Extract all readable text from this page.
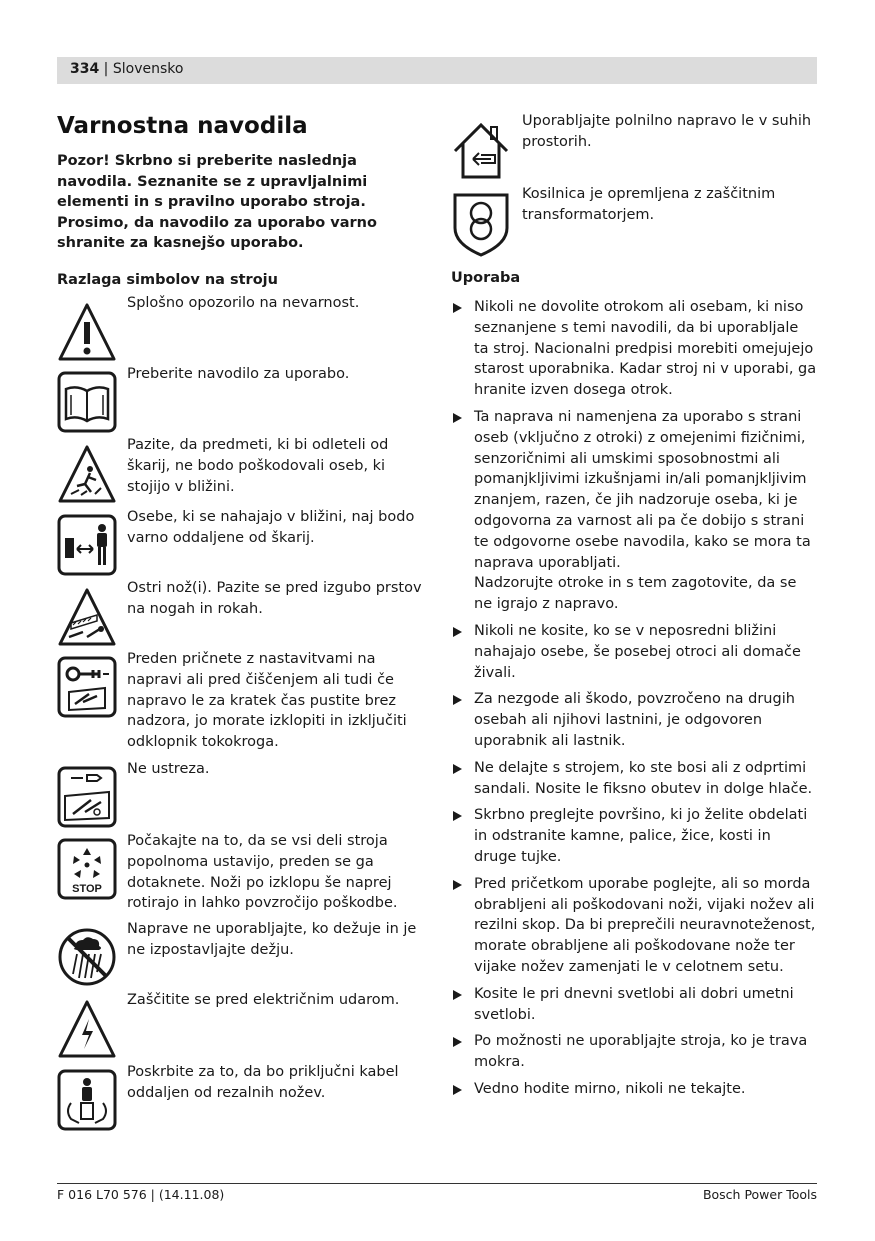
334 | Slovensko
Varnostna navodila
Pozor! Skrbno si preberite naslednja navodila. Seznanite se z upravljalnimi elementi in s pravilno uporabo stroja. Prosimo, da navodilo za uporabo varno shranite za kasnejšo uporabo.
Razlaga simbolov na stroju
Splošno opozorilo na nevarnost.
Preberite navodilo za uporabo.
Pazite, da predmeti, ki bi odleteli od škarij, ne bodo poškodovali oseb, ki stojijo v bližini.
Osebe, ki se nahajajo v bližini, naj bodo varno oddaljene od škarij.
Ostri nož(i). Pazite se pred izgubo prstov na nogah in rokah.
Preden pričnete z nastavitvami na napravi ali pred čiščenjem ali tudi če napravo le za kratek čas pustite brez nadzora, jo morate izklopiti in izključiti odklopnik tokokroga.
Ne ustreza.
STOP
Počakajte na to, da se vsi deli stroja popolnoma ustavijo, preden se ga dotaknete. Noži po izklopu še naprej rotirajo in lahko povzročijo poškodbe.
Naprave ne uporabljajte, ko dežuje in je ne izpostavljajte dežju.
Zaščitite se pred električnim udarom.
Poskrbite za to, da bo priključni kabel oddaljen od rezalnih nožev.
Uporabljajte polnilno napravo le v suhih prostorih.
Kosilnica je opremljena z zaščitnim transformatorjem.
Uporaba
Nikoli ne dovolite otrokom ali osebam, ki niso seznanjene s temi navodili, da bi uporabljale ta stroj. Nacionalni predpisi morebiti omejujejo starost uporabnika. Kadar stroj ni v uporabi, ga hranite izven dosega otrok.
Ta naprava ni namenjena za uporabo s strani oseb (vključno z otroki) z omejenimi fizičnimi, senzoričnimi ali umskimi sposobnostmi ali pomanjkljivimi izkušnjami in/ali pomanjkljivim znanjem, razen, če jih nadzoruje oseba, ki je odgovorna za varnost ali pa če dobijo s strani te odgovorne osebe navodila, kako se mora ta naprava uporabljati.
Nadzorujte otroke in s tem zagotovite, da se ne igrajo z napravo.
Nikoli ne kosite, ko se v neposredni bližini nahajajo osebe, še posebej otroci ali domače živali.
Za nezgode ali škodo, povzročeno na drugih osebah ali njihovi lastnini, je odgovoren uporabnik ali lastnik.
Ne delajte s strojem, ko ste bosi ali z odprtimi sandali. Nosite le fiksno obutev in dolge hlače.
Skrbno preglejte površino, ki jo želite obdelati in odstranite kamne, palice, žice, kosti in druge tujke.
Pred pričetkom uporabe poglejte, ali so morda obrabljeni ali poškodovani noži, vijaki nožev ali rezilni skop. Da bi preprečili neuravnoteženost, morate obrabljene ali poškodovane nože ter vijake nožev zamenjati le v celotnem setu.
Kosite le pri dnevni svetlobi ali dobri umetni svetlobi.
Po možnosti ne uporabljajte stroja, ko je trava mokra.
Vedno hodite mirno, nikoli ne tekajte.
F 016 L70 576 | (14.11.08)	Bosch Power Tools
